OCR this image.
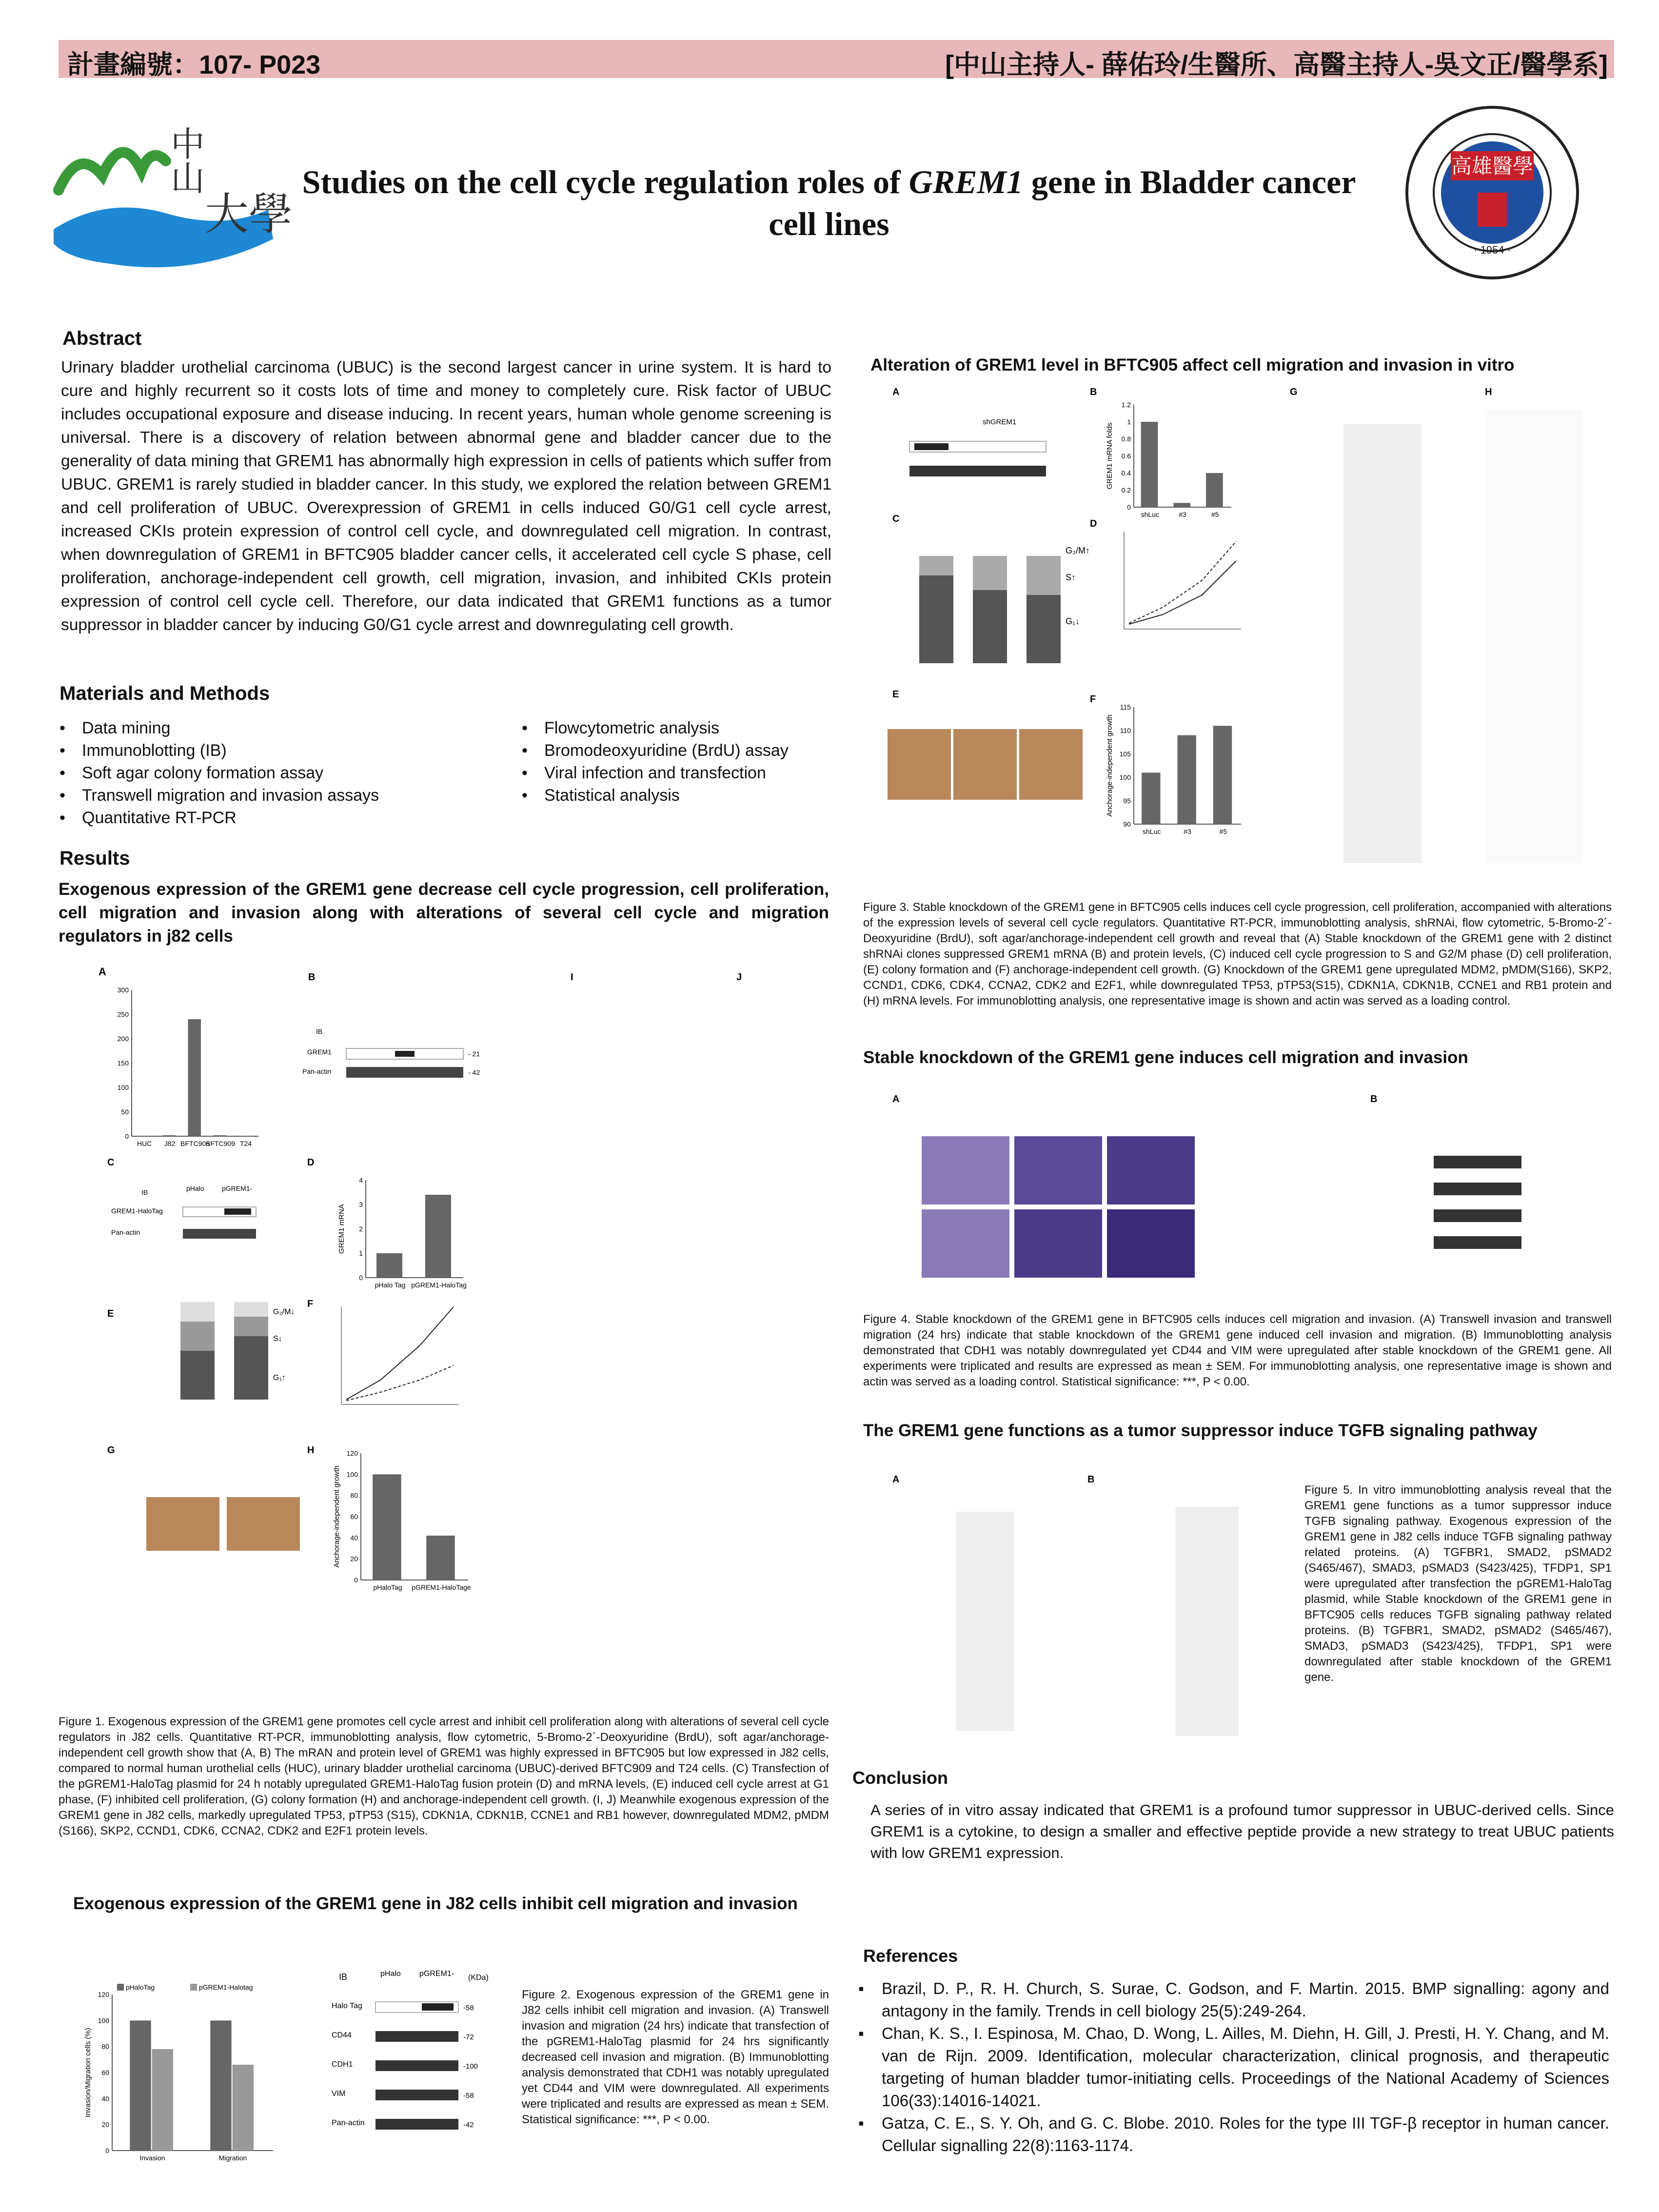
計畫編號：107- P023	[中山主持人- 薛佑玲/生醫所、高醫主持人-吳文正/醫學系]
中
山
大學
高雄醫學
· 1954 ·
Studies on the cell cycle regulation roles of GREM1 gene in Bladder cancer cell lines
Abstract
Urinary bladder urothelial carcinoma (UBUC) is the second largest cancer in urine system. It is hard to cure and highly recurrent so it costs lots of time and money to completely cure. Risk factor of UBUC includes occupational exposure and disease inducing. In recent years, human whole genome screening is universal. There is a discovery of relation between abnormal gene and bladder cancer due to the generality of data mining that GREM1 has abnormally high expression in cells of patients which suffer from UBUC. GREM1 is rarely studied in bladder cancer. In this study, we explored the relation between GREM1 and cell proliferation of UBUC. Overexpression of GREM1 in cells induced G0/G1 cell cycle arrest, increased CKIs protein expression of control cell cycle, and downregulated cell migration. In contrast, when downregulation of GREM1 in BFTC905 bladder cancer cells, it accelerated cell cycle S phase, cell proliferation, anchorage-independent cell growth, cell migration, invasion, and inhibited CKIs protein expression of control cell cycle cell. Therefore, our data indicated that GREM1 functions as a tumor suppressor in bladder cancer by inducing G0/G1 cycle arrest and downregulating cell growth.
Materials and Methods
• Data mining
• Immunoblotting (IB)
• Soft agar colony formation assay
• Transwell migration and invasion assays
• Quantitative RT-PCR
• Flowcytometric analysis
• Bromodeoxyuridine (BrdU) assay
• Viral infection and transfection
• Statistical analysis
Results
Exogenous expression of the GREM1 gene decrease cell cycle progression, cell proliferation, cell migration and invasion along with alterations of several cell cycle and migration regulators in j82 cells
A
0
50
100
150
200
250
300
HUC J82 BFTC905
BFTC909 T24
B
IB
GREM1	- 21
Pan-actin	- 42
C
IB	pHalo	pGREM1-
GREM1-HaloTag
Pan-actin
D
0
1
2
3
4
GREM1 mRNA
pHalo Tag pGREM1-HaloTag
E	G₂/M↓
S↓
G₁↑
F
G	H
0
20
40
60
80
100
120
Anchorage-independent growth
pHaloTag pGREM1-HaloTage
I	J
Figure 1. Exogenous expression of the GREM1 gene promotes cell cycle arrest and inhibit cell proliferation along with alterations of several cell cycle regulators in J82 cells. Quantitative RT-PCR, immunoblotting analysis, flow cytometric, 5-Bromo-2´-Deoxyuridine (BrdU), soft agar/anchorage-independent cell growth show that (A, B) The mRAN and protein level of GREM1 was highly expressed in BFTC905 but low expressed in J82 cells, compared to normal human urothelial cells (HUC), urinary bladder urothelial carcinoma (UBUC)-derived BFTC909 and T24 cells. (C) Transfection of the pGREM1-HaloTag plasmid for 24 h notably upregulated GREM1-HaloTag fusion protein (D) and mRNA levels, (E) induced cell cycle arrest at G1 phase, (F) inhibited cell proliferation, (G) colony formation (H) and anchorage-independent cell growth. (I, J) Meanwhile exogenous expression of the GREM1 gene in J82 cells, markedly upregulated TP53, pTP53 (S15), CDKN1A, CDKN1B, CCNE1 and RB1 however, downregulated MDM2, pMDM (S166), SKP2, CCND1, CDK6, CCNA2, CDK2 and E2F1 protein levels.
Exogenous expression of the GREM1 gene in J82 cells inhibit cell migration and invasion
0
20
40
60
80
100
120
Invasion/Migration cells (%)
Invasion	Migration
pHaloTag	pGREM1-Halotag
IB	pHalo pGREM1- (KDa)
Halo Tag	-58
CD44	-72
CDH1	-100
VIM	-58
Pan-actin	-42
Figure 2. Exogenous expression of the GREM1 gene in J82 cells inhibit cell migration and invasion. (A) Transwell invasion and migration (24 hrs) indicate that transfection of the pGREM1-HaloTag plasmid for 24 hrs significantly decreased cell invasion and migration. (B) Immunoblotting analysis demonstrated that CDH1 was notably upregulated yet CD44 and VIM were downregulated. All experiments were triplicated and results are expressed as mean ± SEM. Statistical significance: ***, P < 0.00.
Alteration of GREM1 level in BFTC905 affect cell migration and invasion in vitro
A
shGREM1
C
G₂/M↑
S↑
G₁↓
B
0
0.2
0.4
0.6
0.8
1
1.2
GREM1 mRNA folds
shLuc	#3	#5
D
E	F
90
95
100
105
110
115
Anchorage-independent growth
shLuc	#3	#5
G	H
Figure 3. Stable knockdown of the GREM1 gene in BFTC905 cells induces cell cycle progression, cell proliferation, accompanied with alterations of the expression levels of several cell cycle regulators. Quantitative RT-PCR, immunoblotting analysis, shRNAi, flow cytometric, 5-Bromo-2´-Deoxyuridine (BrdU), soft agar/anchorage-independent cell growth and reveal that (A) Stable knockdown of the GREM1 gene with 2 distinct shRNAi clones suppressed GREM1 mRNA (B) and protein levels, (C) induced cell cycle progression to S and G2/M phase (D) cell proliferation, (E) colony formation and (F) anchorage-independent cell growth. (G) Knockdown of the GREM1 gene upregulated MDM2, pMDM(S166), SKP2, CCND1, CDK6, CDK4, CCNA2, CDK2 and E2F1, while downregulated TP53, pTP53(S15), CDKN1A, CDKN1B, CCNE1 and RB1 protein and (H) mRNA levels. For immunoblotting analysis, one representative image is shown and actin was served as a loading control.
Stable knockdown of the GREM1 gene induces cell migration and invasion
A	B
Figure 4. Stable knockdown of the GREM1 gene in BFTC905 cells induces cell migration and invasion. (A) Transwell invasion and transwell migration (24 hrs) indicate that stable knockdown of the GREM1 gene induced cell invasion and migration. (B) Immunoblotting analysis demonstrated that CDH1 was notably downregulated yet CD44 and VIM were upregulated after stable knockdown of the GREM1 gene. All experiments were triplicated and results are expressed as mean ± SEM. For immunoblotting analysis, one representative image is shown and actin was served as a loading control. Statistical significance: ***, P < 0.00.
The GREM1 gene functions as a tumor suppressor induce TGFB signaling pathway
A	B
Figure 5. In vitro immunoblotting analysis reveal that the GREM1 gene functions as a tumor suppressor induce TGFB signaling pathway. Exogenous expression of the GREM1 gene in J82 cells induce TGFB signaling pathway related proteins. (A) TGFBR1, SMAD2, pSMAD2 (S465/467), SMAD3, pSMAD3 (S423/425), TFDP1, SP1 were upregulated after transfection the pGREM1-HaloTag plasmid, while Stable knockdown of the GREM1 gene in BFTC905 cells reduces TGFB signaling pathway related proteins. (B) TGFBR1, SMAD2, pSMAD2 (S465/467), SMAD3, pSMAD3 (S423/425), TFDP1, SP1 were downregulated after stable knockdown of the GREM1 gene.
Conclusion
A series of in vitro assay indicated that GREM1 is a profound tumor suppressor in UBUC-derived cells. Since GREM1 is a cytokine, to design a smaller and effective peptide provide a new strategy to treat UBUC patients with low GREM1 expression.
References
▪ Brazil, D. P., R. H. Church, S. Surae, C. Godson, and F. Martin. 2015. BMP signalling: agony and antagony in the family. Trends in cell biology 25(5):249-264.
▪ Chan, K. S., I. Espinosa, M. Chao, D. Wong, L. Ailles, M. Diehn, H. Gill, J. Presti, H. Y. Chang, and M. van de Rijn. 2009. Identification, molecular characterization, clinical prognosis, and therapeutic targeting of human bladder tumor-initiating cells. Proceedings of the National Academy of Sciences 106(33):14016-14021.
▪ Gatza, C. E., S. Y. Oh, and G. C. Blobe. 2010. Roles for the type III TGF-β receptor in human cancer. Cellular signalling 22(8):1163-1174.
